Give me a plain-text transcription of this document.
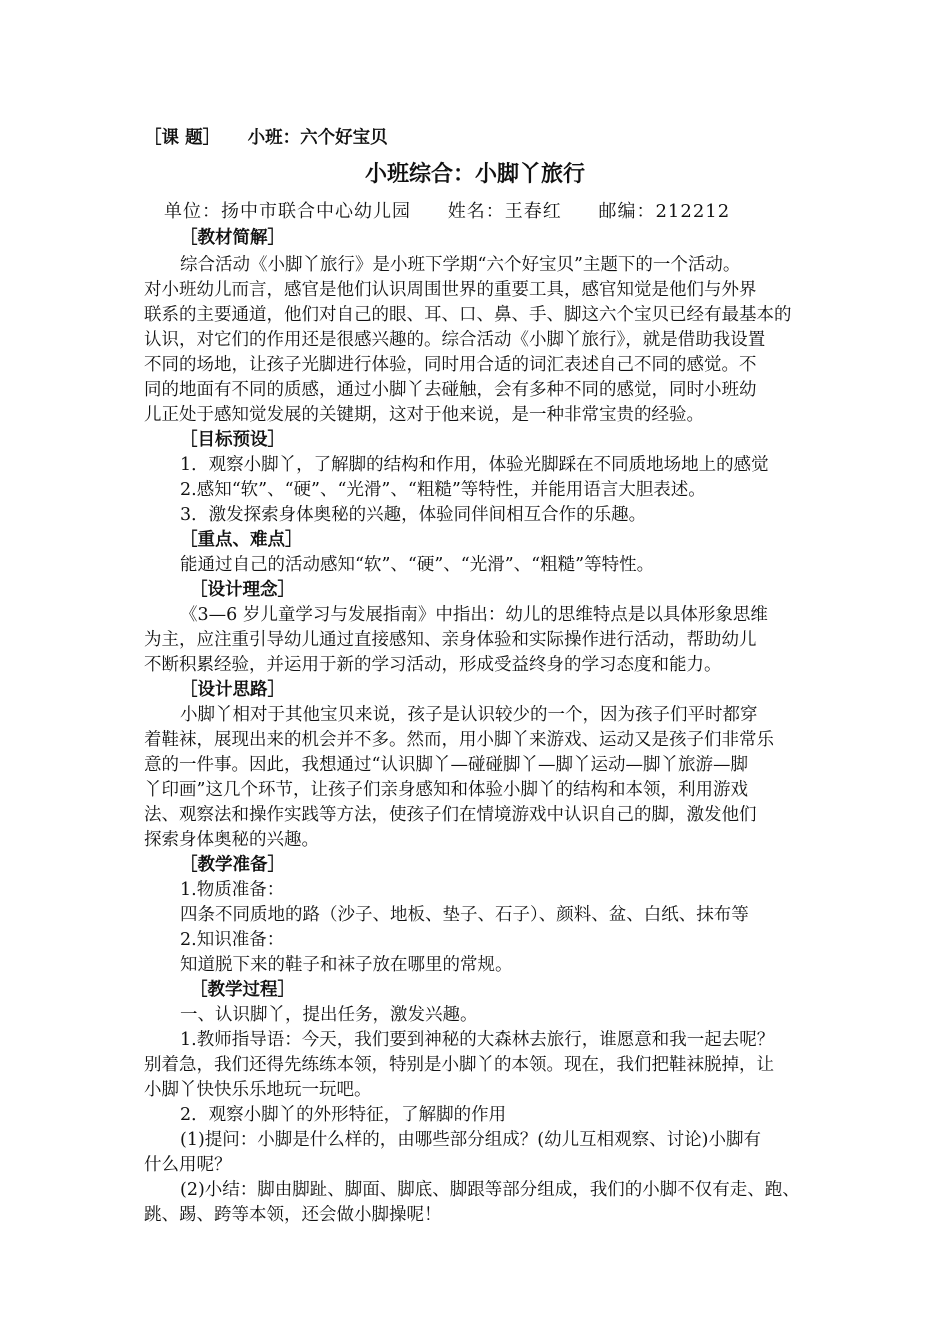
［课 题］ 小班：六个好宝贝
小班综合：小脚丫旅行
单位：扬中市联合中心幼儿园 姓名：王春红 邮编：212212
［教材简解］
综合活动《小脚丫旅行》是小班下学期“六个好宝贝”主题下的一个活动。
对小班幼儿而言，感官是他们认识周围世界的重要工具，感官知觉是他们与外界
联系的主要通道，他们对自己的眼、耳、口、鼻、手、脚这六个宝贝已经有最基本的
认识，对它们的作用还是很感兴趣的。综合活动《小脚丫旅行》，就是借助我设置
不同的场地，让孩子光脚进行体验，同时用合适的词汇表述自己不同的感觉。不
同的地面有不同的质感，通过小脚丫去碰触，会有多种不同的感觉，同时小班幼
儿正处于感知觉发展的关键期，这对于他来说，是一种非常宝贵的经验。
［目标预设］
1．观察小脚丫，了解脚的结构和作用，体验光脚踩在不同质地场地上的感觉
2.感知“软”、“硬”、“光滑”、“粗糙”等特性，并能用语言大胆表述。
3．激发探索身体奥秘的兴趣，体验同伴间相互合作的乐趣。
［重点、难点］
能通过自己的活动感知“软”、“硬”、“光滑”、“粗糙”等特性。
［设计理念］
《3—6 岁儿童学习与发展指南》中指出：幼儿的思维特点是以具体形象思维
为主，应注重引导幼儿通过直接感知、亲身体验和实际操作进行活动，帮助幼儿
不断积累经验，并运用于新的学习活动，形成受益终身的学习态度和能力。
［设计思路］
小脚丫相对于其他宝贝来说，孩子是认识较少的一个，因为孩子们平时都穿
着鞋袜，展现出来的机会并不多。然而，用小脚丫来游戏、运动又是孩子们非常乐
意的一件事。因此，我想通过“认识脚丫—碰碰脚丫—脚丫运动—脚丫旅游—脚
丫印画”这几个环节，让孩子们亲身感知和体验小脚丫的结构和本领，利用游戏
法、观察法和操作实践等方法，使孩子们在情境游戏中认识自己的脚，激发他们
探索身体奥秘的兴趣。
［教学准备］
1.物质准备：
四条不同质地的路（沙子、地板、垫子、石子）、颜料、盆、白纸、抹布等
2.知识准备：
知道脱下来的鞋子和袜子放在哪里的常规。
［教学过程］
一、认识脚丫，提出任务，激发兴趣。
1.教师指导语：今天，我们要到神秘的大森林去旅行，谁愿意和我一起去呢？
别着急，我们还得先练练本领，特别是小脚丫的本领。现在，我们把鞋袜脱掉，让
小脚丫快快乐乐地玩一玩吧。
2．观察小脚丫的外形特征，了解脚的作用
(1)提问：小脚是什么样的，由哪些部分组成？(幼儿互相观察、讨论)小脚有
什么用呢？
(2)小结：脚由脚趾、脚面、脚底、脚跟等部分组成，我们的小脚不仅有走、跑、
跳、踢、跨等本领，还会做小脚操呢！
